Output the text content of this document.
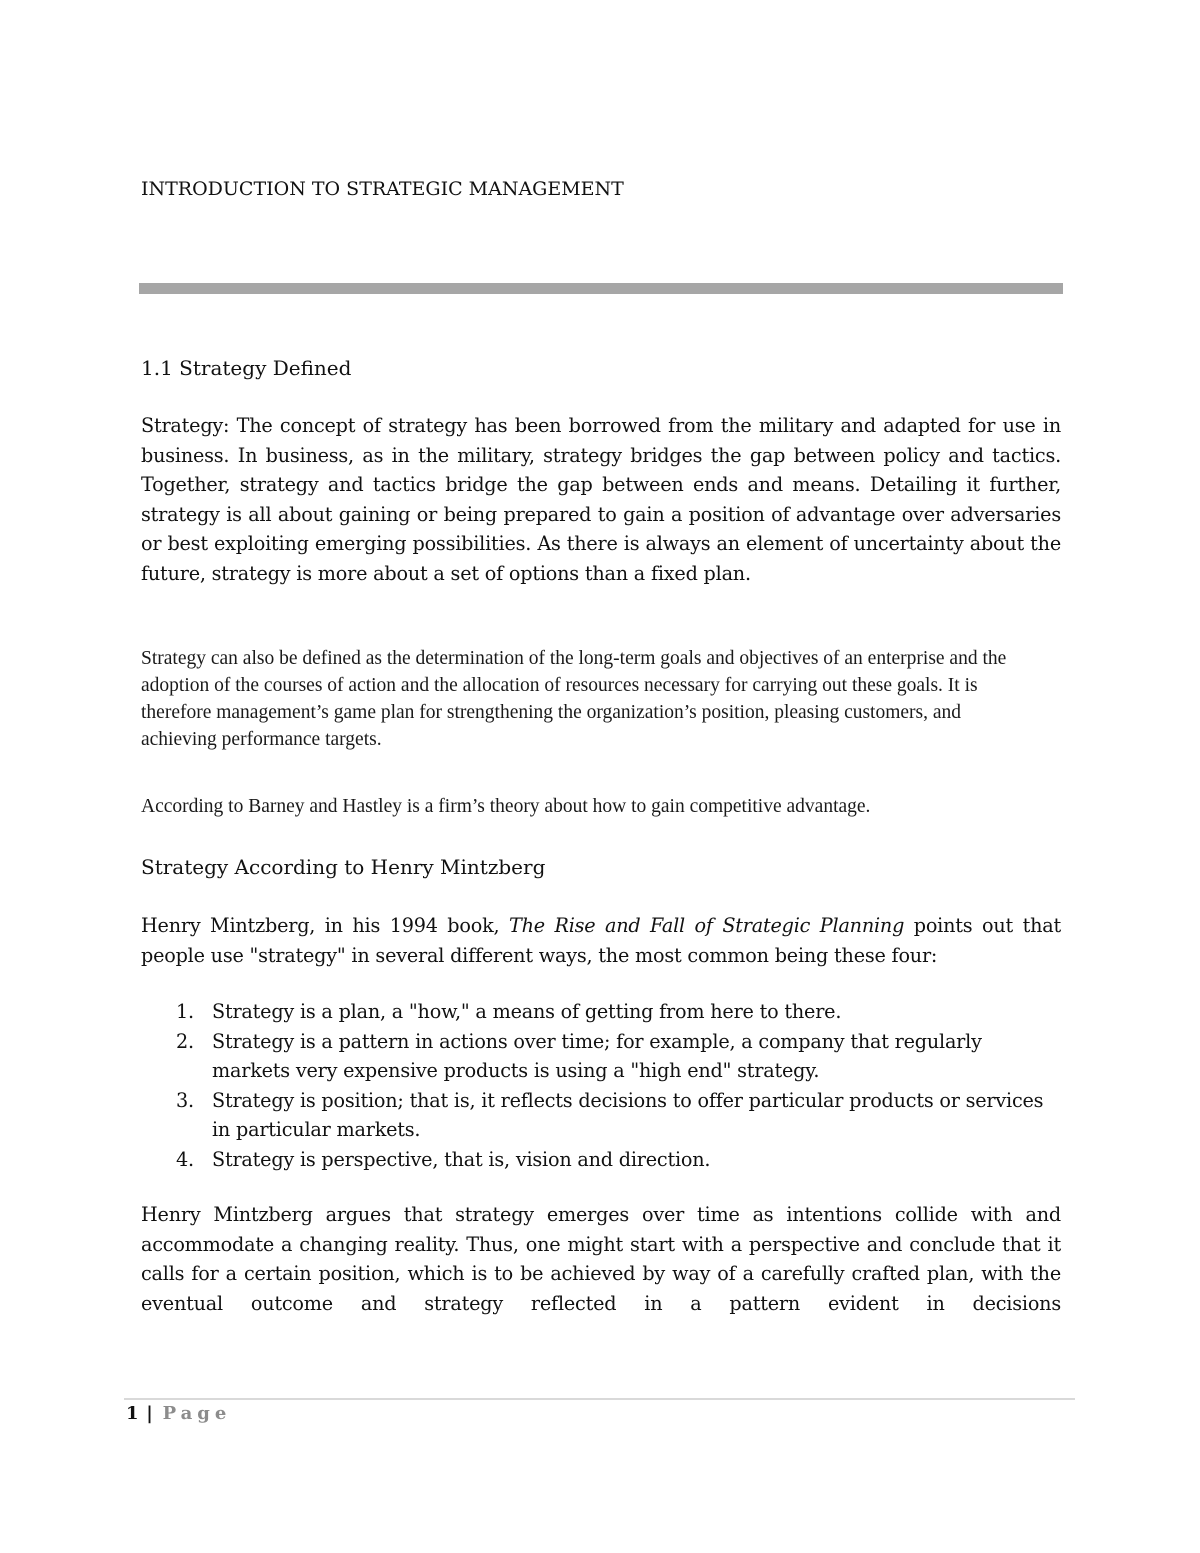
INTRODUCTION TO STRATEGIC MANAGEMENT
1.1 Strategy Defined
Strategy: The concept of strategy has been borrowed from the military and adapted for use in business. In business, as in the military, strategy bridges the gap between policy and tactics. Together, strategy and tactics bridge the gap between ends and means. Detailing it further, strategy is all about gaining or being prepared to gain a position of advantage over adversaries or best exploiting emerging possibilities. As there is always an element of uncertainty about the future, strategy is more about a set of options than a fixed plan.
Strategy can also be defined as the determination of the long-term goals and objectives of an enterprise and the adoption of the courses of action and the allocation of resources necessary for carrying out these goals. It is therefore management’s game plan for strengthening the organization’s position, pleasing customers, and achieving performance targets.
According to Barney and Hastley is a firm’s theory about how to gain competitive advantage.
Strategy According to Henry Mintzberg
Henry Mintzberg, in his 1994 book, The Rise and Fall of Strategic Planning points out that people use "strategy" in several different ways, the most common being these four:
1. Strategy is a plan, a "how," a means of getting from here to there.
2. Strategy is a pattern in actions over time; for example, a company that regularly markets very expensive products is using a "high end" strategy.
3. Strategy is position; that is, it reflects decisions to offer particular products or services in particular markets.
4. Strategy is perspective, that is, vision and direction.
Henry Mintzberg argues that strategy emerges over time as intentions collide with and accommodate a changing reality. Thus, one might start with a perspective and conclude that it calls for a certain position, which is to be achieved by way of a carefully crafted plan, with the eventual outcome and strategy reflected in a pattern evident in decisions
1 | Page
